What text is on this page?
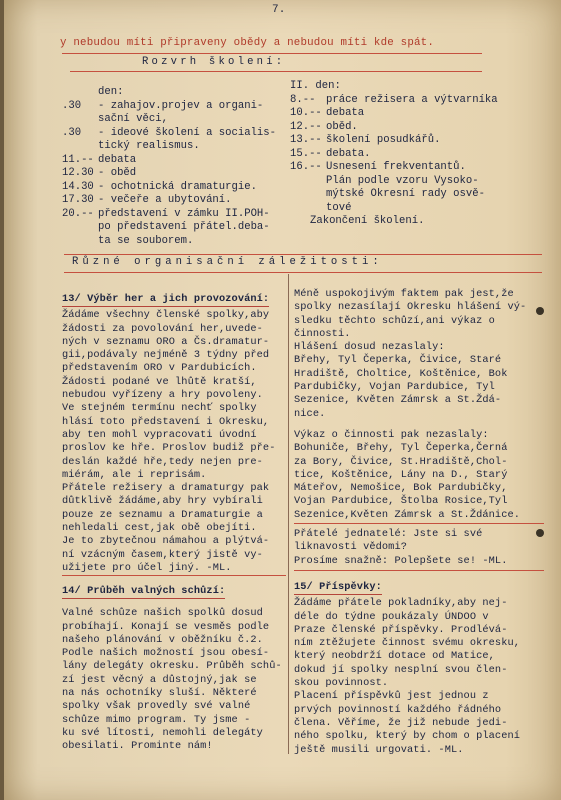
7.
y nebudou míti připraveny obědy a nebudou míti kde spát.
Rozvrh školení:
den:
.30	- zahajov.projev a organi-
sační věci,
.30	- ideové školení a socialis-
tický realismus.
11.-- debata
12.30 - oběd
14.30 - ochotnická dramaturgie.
17.30 - večeře a ubytování.
20.-- představení v zámku II.POH-
po představení přátel.deba-
ta se souborem.
II. den:
8.-- práce režisera a výtvarníka
10.-- debata
12.-- oběd.
13.-- školení posudkářů.
15.-- debata.
16.-- Usnesení frekventantů.
Plán podle vzoru Vysoko-
mýtské Okresní rady osvě-
tové
Zakončení školení.
Různé organisační záležitosti:
13/ Výběr her a jich provozování:
Žádáme všechny členské spolky,aby
žádosti za povolování her,uvede-
ných v seznamu ORO a Čs.dramatur-
gii,podávaly nejméně 3 týdny před
představením ORO v Pardubicích.
Žádosti podané ve lhůtě kratší,
nebudou vyřízeny a hry povoleny.
Ve stejném termínu nechť spolky
hlásí toto představení i Okresku,
aby ten mohl vypracovati úvodní
proslov ke hře. Proslov budiž pře-
deslán každé hře,tedy nejen pre-
miérám, ale i reprisám.
Přátele režisery a dramaturgy pak
důtklivě žádáme,aby hry vybírali
pouze ze seznamu a Dramaturgie a
nehledali cest,jak obě obejíti.
Je to zbytečnou námahou a plýtvá-
ní vzácným časem,který jistě vy-
užijete pro účel jiný. -ML.
14/ Průběh valných schůzí:
Valné schůze našich spolků dosud
probíhají. Konají se vesměs podle
našeho plánování v oběžníku č.2.
Podle našich možností jsou obesí-
lány delegáty okresku. Průběh schů-
zí jest věcný a důstojný,jak se
na nás ochotníky sluší. Některé
spolky však provedly své valné
schůze mimo program. Ty jsme -
ku své lítosti, nemohli delegáty
obesilati. Prominte nám!
Méně uspokojivým faktem pak jest,že
spolky nezasílají Okresku hlášení vý-
sledku těchto schůzí,ani výkaz o
činnosti.
Hlášení dosud nezaslaly:
Břehy, Tyl Čeperka, Čivice, Staré
Hradiště, Choltice, Koštěnice, Bok
Pardubičky, Vojan Pardubice, Tyl
Sezenice, Květen Zámrsk a St.Ždá-
nice.
Výkaz o činnosti pak nezaslaly:
Bohuniče, Břehy, Tyl Čeperka,Černá
za Bory, Čivice, St.Hradiště,Chol-
tice, Koštěnice, Lány na D., Starý
Máteřov, Nemošice, Bok Pardubičky,
Vojan Pardubice, Štolba Rosice,Tyl
Sezenice,Květen Zámrsk a St.Ždánice.
Přátelé jednatelé: Jste si své
liknavosti vědomi?
Prosíme snažně: Polepšete se! -ML.
15/ Příspěvky:
Žádáme přátele pokladníky,aby nej-
déle do týdne poukázaly ÚNDOO v
Praze členské příspěvky. Prodlévá-
ním ztěžujete činnost svému okresku,
který neobdrží dotace od Matice,
dokud jí spolky nesplní svou člen-
skou povinnost.
Placení příspěvků jest jednou z
prvých povinností každého řádného
člena. Věříme, že již nebude jedi-
ného spolku, který by chom o placení
ještě musili urgovati. -ML.
